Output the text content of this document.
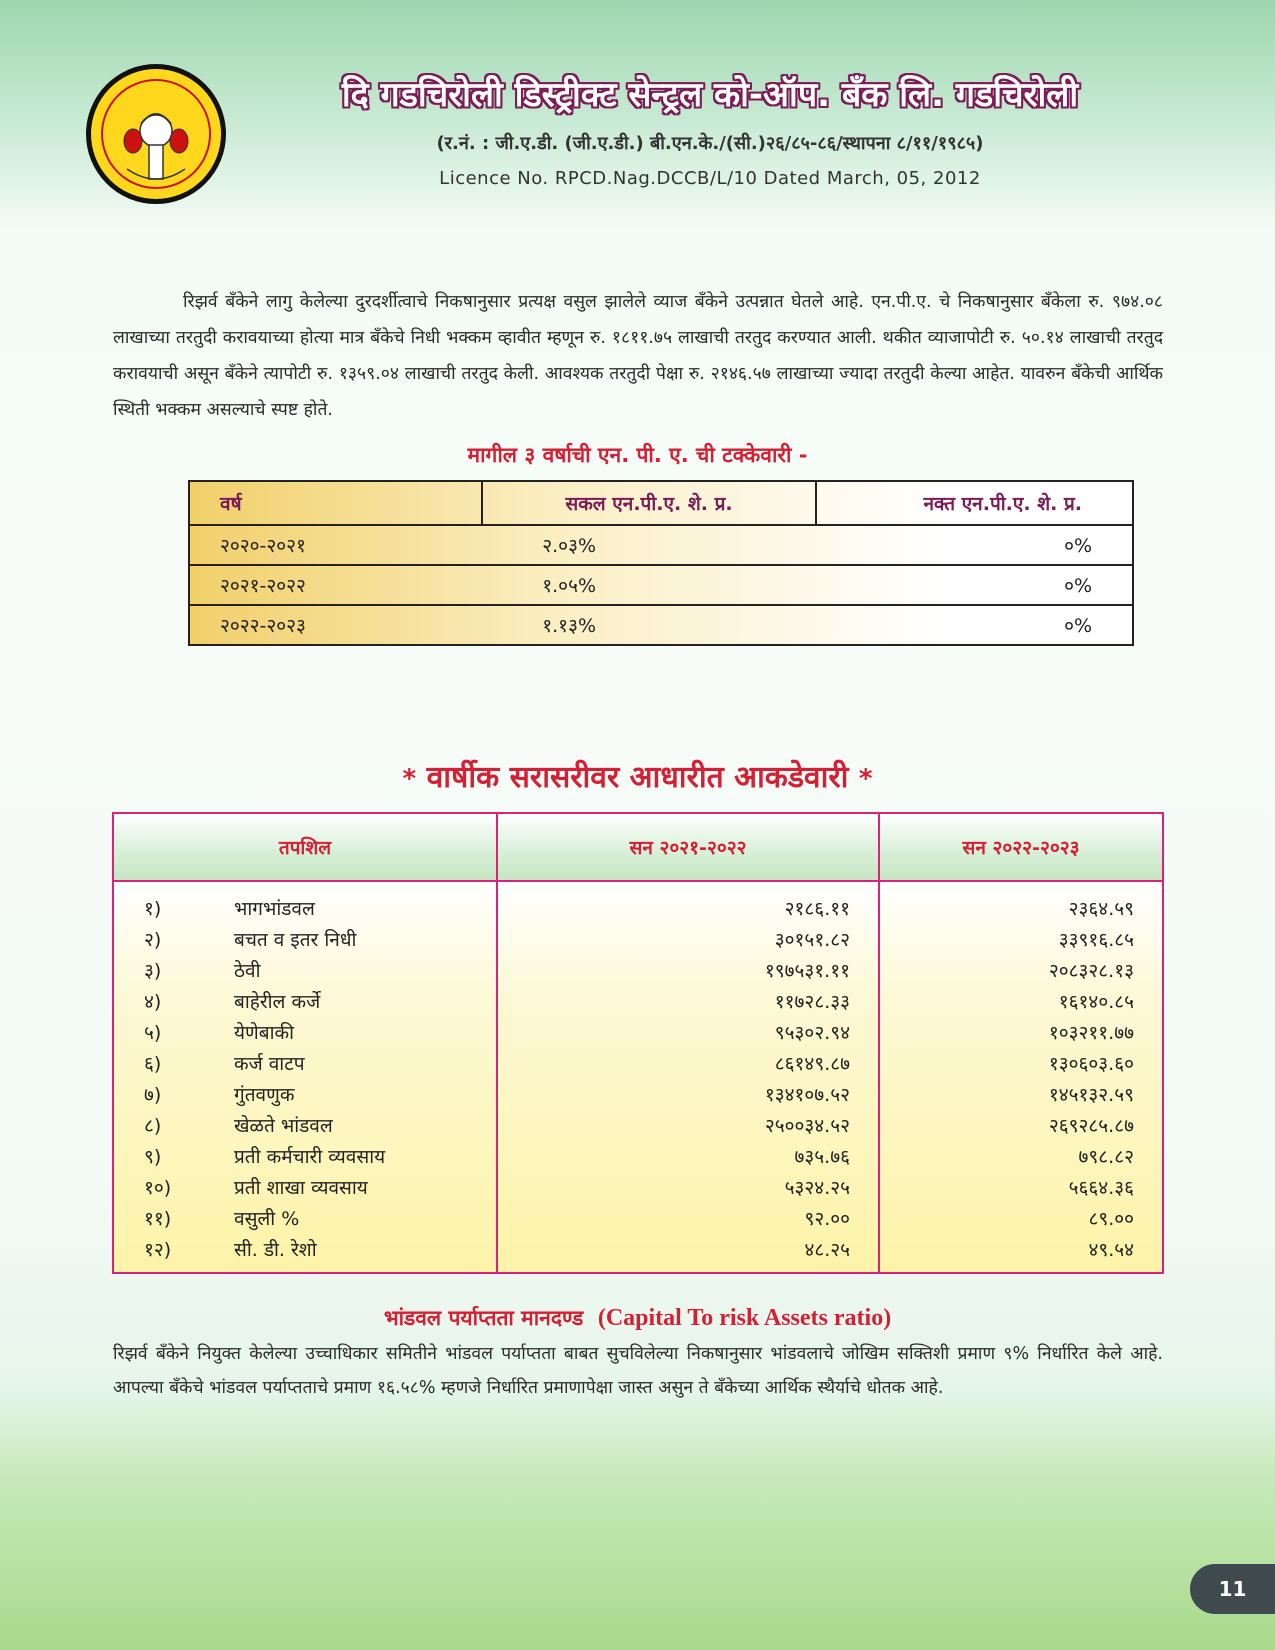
दि गडचिरोली डिस्ट्रीक्ट सेन्ट्रल को-ऑप. बँक लि. गडचिरोली
(र.नं. : जी.ए.डी. (जी.ए.डी.) बी.एन.के./(सी.)२६/८५-८६/स्थापना ८/११/१९८५)
Licence No. RPCD.Nag.DCCB/L/10 Dated March, 05, 2012
रिझर्व बँकेने लागु केलेल्या दुरदर्शीत्वाचे निकषानुसार प्रत्यक्ष वसुल झालेले व्याज बँकेने उत्पन्नात घेतले आहे. एन.पी.ए. चे निकषानुसार बँकेला रु. ९७४.०८ लाखाच्या तरतुदी करावयाच्या होत्या मात्र बँकेचे निधी भक्कम व्हावीत म्हणून रु. १८११.७५ लाखाची तरतुद करण्यात आली. थकीत व्याजापोटी रु. ५०.१४ लाखाची तरतुद करावयाची असून बँकेने त्यापोटी रु. १३५९.०४ लाखाची तरतुद केली. आवश्यक तरतुदी पेक्षा रु. २१४६.५७ लाखाच्या ज्यादा तरतुदी केल्या आहेत. यावरुन बँकेची आर्थिक स्थिती भक्कम असल्याचे स्पष्ट होते.
मागील ३ वर्षाची एन. पी. ए. ची टक्केवारी -
वर्ष	सकल एन.पी.ए. शे. प्र.	नक्त एन.पी.ए. शे. प्र.
२०२०-२०२१	२.०३%	०%
२०२१-२०२२	१.०५%	०%
२०२२-२०२३	१.१३%	०%
* वार्षीक सरासरीवर आधारीत आकडेवारी *
तपशिल	सन २०२१-२०२२	सन २०२२-२०२३
१) भागभांडवल	२१८६.११	२३६४.५९
२) बचत व इतर निधी	३०१५१.८२	३३९१६.८५
३) ठेवी	१९७५३१.११	२०८३२८.१३
४) बाहेरील कर्जे	११७२८.३३	१६१४०.८५
५) येणेबाकी	९५३०२.९४	१०३२११.७७
६) कर्ज वाटप	८६१४९.८७	१३०६०३.६०
७) गुंतवणुक	१३४१०७.५२	१४५१३२.५९
८) खेळते भांडवल	२५००३४.५२	२६९२८५.८७
९) प्रती कर्मचारी व्यवसाय	७३५.७६	७९८.८२
१०) प्रती शाखा व्यवसाय	५३२४.२५	५६६४.३६
११) वसुली %	९२.००	८९.००
१२) सी. डी. रेशो	४८.२५	४९.५४
भांडवल पर्याप्तता मानदण्ड (Capital To risk Assets ratio)
रिझर्व बँकेने नियुक्त केलेल्या उच्चाधिकार समितीने भांडवल पर्याप्तता बाबत सुचविलेल्या निकषानुसार भांडवलाचे जोखिम सक्तिशी प्रमाण ९% निर्धारित केले आहे. आपल्या बँकेचे भांडवल पर्याप्तताचे प्रमाण १६.५८% म्हणजे निर्धारित प्रमाणापेक्षा जास्त असुन ते बँकेच्या आर्थिक स्थैर्याचे धोतक आहे.
11
